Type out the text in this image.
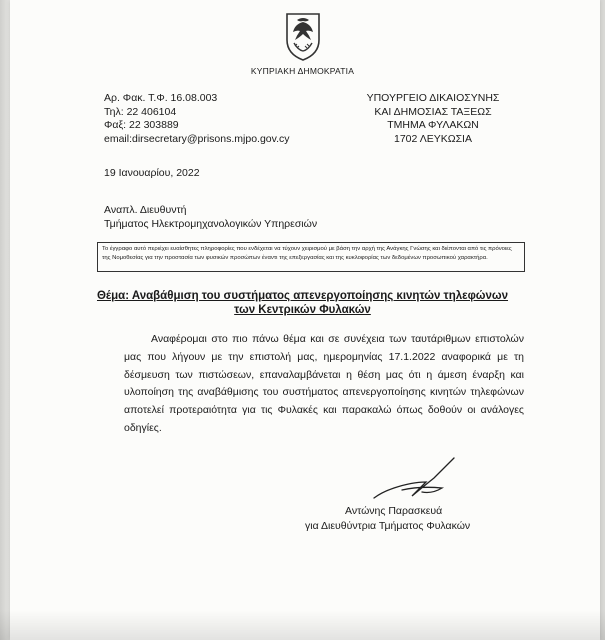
ΚΥΠΡΙΑΚΗ ΔΗΜΟΚΡΑΤΙΑ
Αρ. Φακ. Τ.Φ. 16.08.003
Τηλ: 22 406104
Φαξ: 22 303889
email:dirsecretary@prisons.mjpo.gov.cy
ΥΠΟΥΡΓΕΙΟ ΔΙΚΑΙΟΣΥΝΗΣ
ΚΑΙ ΔΗΜΟΣΙΑΣ ΤΑΞΕΩΣ
ΤΜΗΜΑ ΦΥΛΑΚΩΝ
1702 ΛΕΥΚΩΣΙΑ
19 Ιανουαρίου, 2022
Αναπλ. Διευθυντή
Τμήματος Ηλεκτρομηχανολογικών Υπηρεσιών
Το έγγραφο αυτό περιέχει ευαίσθητες πληροφορίες που ενδέχεται να τύχουν χειρισμού με βάση την αρχή της Ανάγκης Γνώσης και διέπονται από τις πρόνοιες της Νομοθεσίας για την προστασία των φυσικών προσώπων έναντι της επεξεργασίας και της κυκλοφορίας των δεδομένων προσωπικού χαρακτήρα.
Θέμα: Αναβάθμιση του συστήματος απενεργοποίησης κινητών τηλεφώνων
των Κεντρικών Φυλακών
Αναφέρομαι στο πιο πάνω θέμα και σε συνέχεια των ταυτάριθμων επιστολών μας που λήγουν με την επιστολή μας, ημερομηνίας 17.1.2022 αναφορικά με τη δέσμευση των πιστώσεων, επαναλαμβάνεται η θέση μας ότι η άμεση έναρξη και υλοποίηση της αναβάθμισης του συστήματος απενεργοποίησης κινητών τηλεφώνων αποτελεί προτεραιότητα για τις Φυλακές και παρακαλώ όπως δοθούν οι ανάλογες οδηγίες.
Αντώνης Παρασκευά
για Διευθύντρια Τμήματος Φυλακών
